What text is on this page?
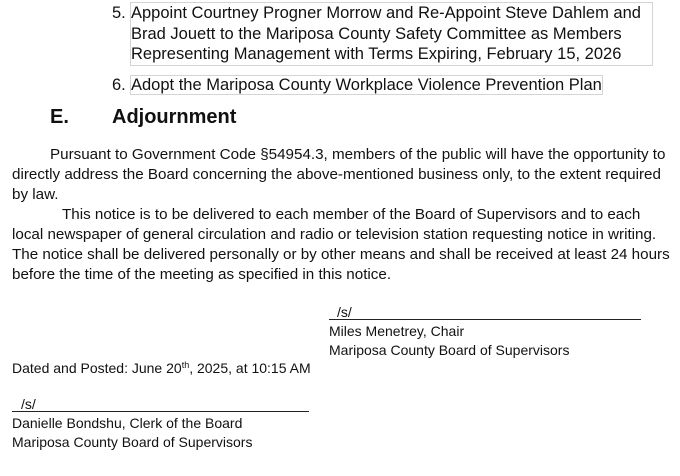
5. Appoint Courtney Progner Morrow and Re-Appoint Steve Dahlem and Brad Jouett to the Mariposa County Safety Committee as Members Representing Management with Terms Expiring, February 15, 2026
6. Adopt the Mariposa County Workplace Violence Prevention Plan
E. Adjournment
Pursuant to Government Code §54954.3, members of the public will have the opportunity to directly address the Board concerning the above-mentioned business only, to the extent required by law.
This notice is to be delivered to each member of the Board of Supervisors and to each local newspaper of general circulation and radio or television station requesting notice in writing. The notice shall be delivered personally or by other means and shall be received at least 24 hours before the time of the meeting as specified in this notice.
/s/
Miles Menetrey, Chair
Mariposa County Board of Supervisors
Dated and Posted: June 20th, 2025, at 10:15 AM
/s/
Danielle Bondshu, Clerk of the Board
Mariposa County Board of Supervisors
